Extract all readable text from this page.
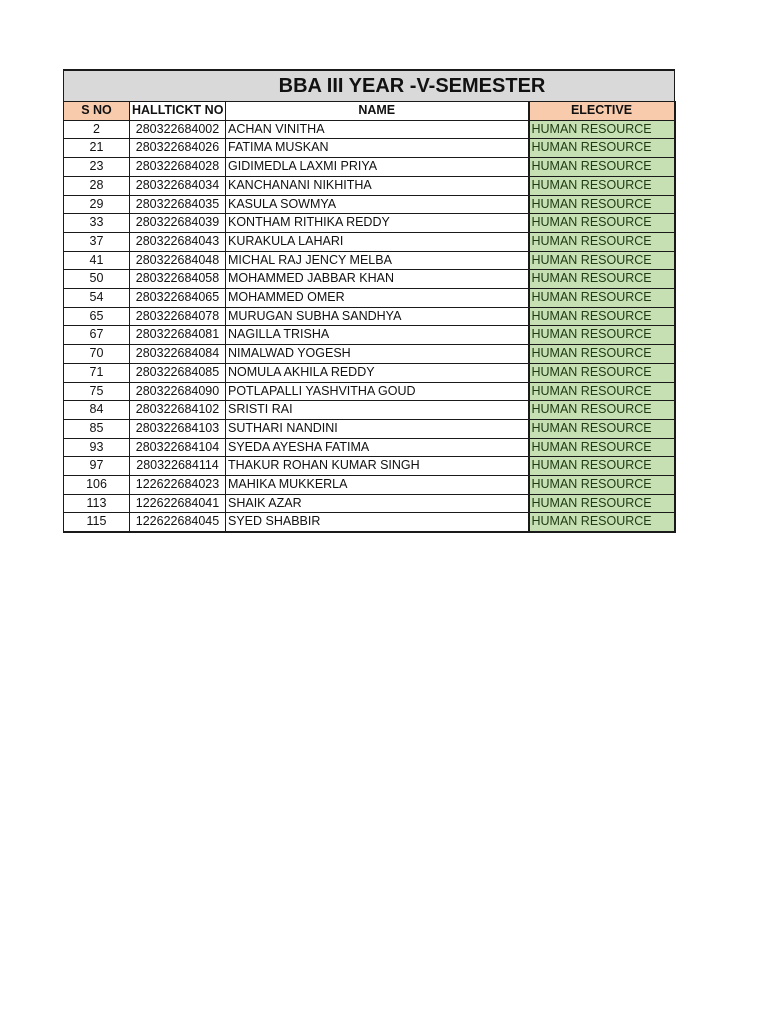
BBA III YEAR -V-SEMESTER			
S NO	HALLTICKT NO	NAME	ELECTIVE
2	280322684002	ACHAN VINITHA	HUMAN RESOURCE
21	280322684026	FATIMA MUSKAN	HUMAN RESOURCE
23	280322684028	GIDIMEDLA LAXMI PRIYA	HUMAN RESOURCE
28	280322684034	KANCHANANI NIKHITHA	HUMAN RESOURCE
29	280322684035	KASULA SOWMYA	HUMAN RESOURCE
33	280322684039	KONTHAM RITHIKA REDDY	HUMAN RESOURCE
37	280322684043	KURAKULA LAHARI	HUMAN RESOURCE
41	280322684048	MICHAL RAJ JENCY MELBA	HUMAN RESOURCE
50	280322684058	MOHAMMED JABBAR KHAN	HUMAN RESOURCE
54	280322684065	MOHAMMED OMER	HUMAN RESOURCE
65	280322684078	MURUGAN SUBHA SANDHYA	HUMAN RESOURCE
67	280322684081	NAGILLA TRISHA	HUMAN RESOURCE
70	280322684084	NIMALWAD YOGESH	HUMAN RESOURCE
71	280322684085	NOMULA AKHILA REDDY	HUMAN RESOURCE
75	280322684090	POTLAPALLI YASHVITHA GOUD	HUMAN RESOURCE
84	280322684102	SRISTI RAI	HUMAN RESOURCE
85	280322684103	SUTHARI NANDINI	HUMAN RESOURCE
93	280322684104	SYEDA AYESHA FATIMA	HUMAN RESOURCE
97	280322684114	THAKUR ROHAN KUMAR SINGH	HUMAN RESOURCE
106	122622684023	MAHIKA MUKKERLA	HUMAN RESOURCE
113	122622684041	SHAIK AZAR	HUMAN RESOURCE
115	122622684045	SYED SHABBIR	HUMAN RESOURCE
